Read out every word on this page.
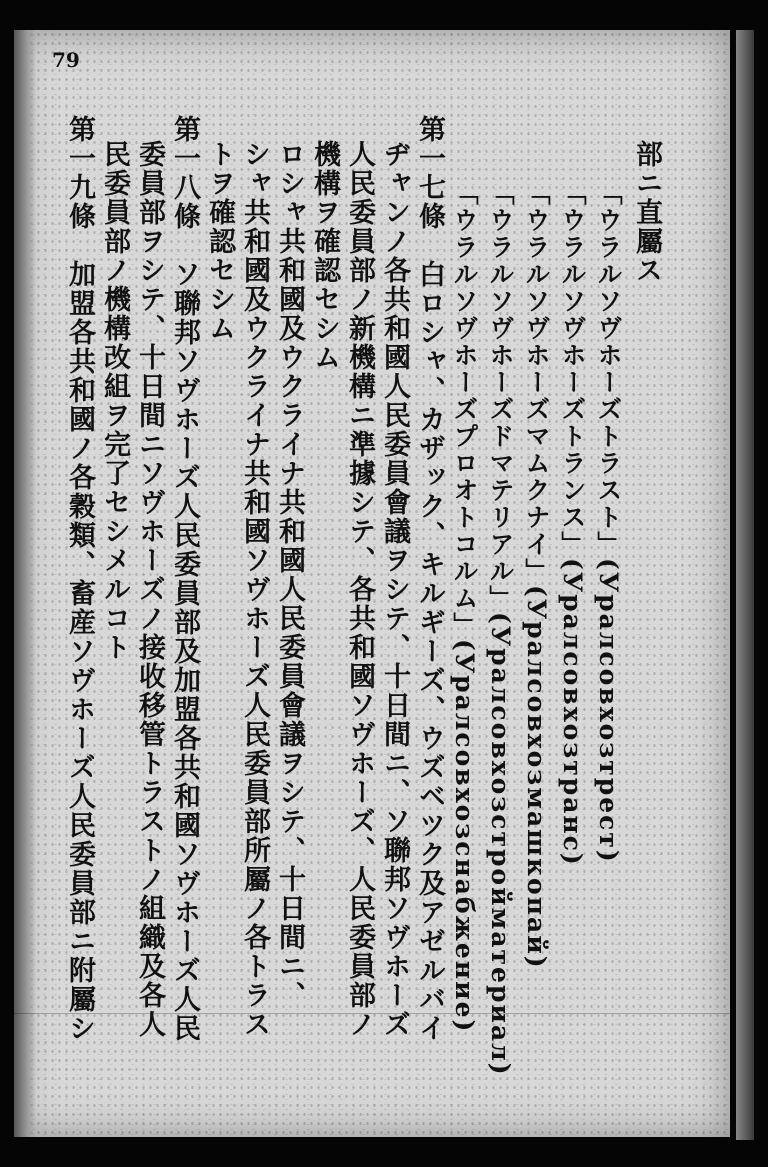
79
部ニ直屬ス
「ウラルソヴホーズトラスト」(Уралсовхозтрест)
「ウラルソヴホーズトランス」(Уралсовхозтранс)
「ウラルソヴホーズマムクナイ」(Уралсовхозмашкопай)
「ウラルソヴホーズドマテリアル」(Уралсовхозстройматериал)
「ウラルソヴホーズプロオトコルム」(Уралсовхозснабжение)
第一七條　白ロシャ、カザック、キルギーズ、ウズベツク及アゼルバイ
ヂャンノ各共和國人民委員會議ヲシテ、十日間ニ、ソ聯邦ソヴホーズ
人民委員部ノ新機構ニ準據シテ、各共和國ソヴホーズ、人民委員部ノ
機構ヲ確認セシム
ロシャ共和國及ウクライナ共和國人民委員會議ヲシテ、十日間ニ、
シャ共和國及ウクライナ共和國ソヴホーズ人民委員部所屬ノ各トラス
トヲ確認セシム
第一八條　ソ聯邦ソヴホーズ人民委員部及加盟各共和國ソヴホーズ人民
委員部ヲシテ、十日間ニソヴホーズノ接收移管トラストノ組織及各人
民委員部ノ機構改組ヲ完了セシメルコト
第一九條　加盟各共和國ノ各穀類、畜産ソヴホーズ人民委員部ニ附屬シ
